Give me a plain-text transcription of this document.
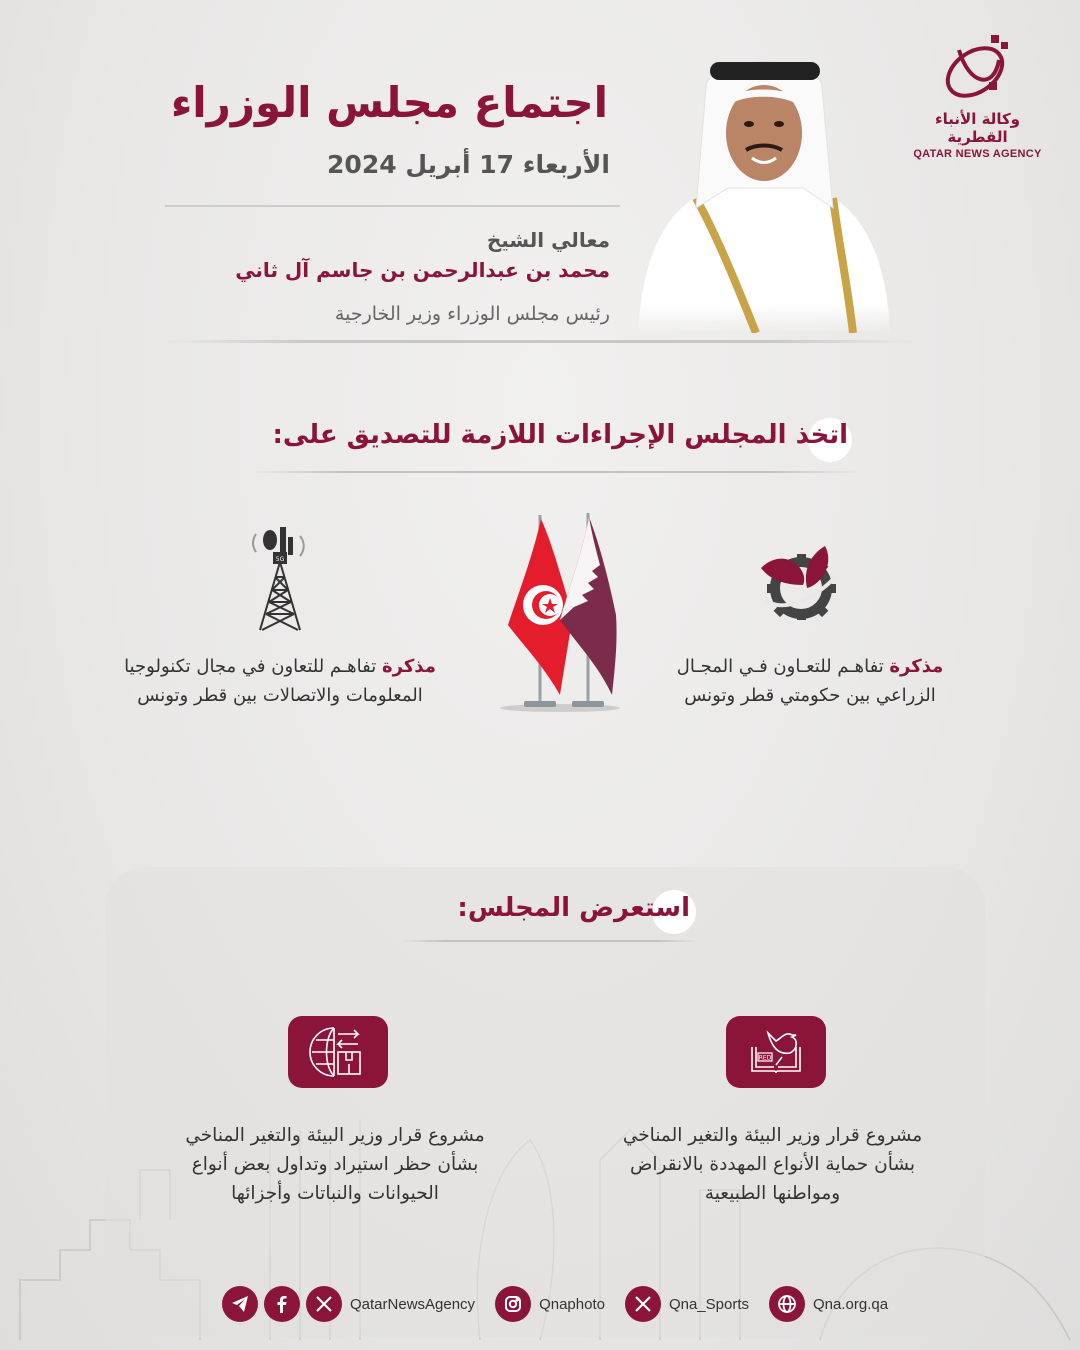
وكالة الأنباء القطرية
QATAR NEWS AGENCY
اجتماع مجلس الوزراء
الأربعاء 17 أبريل 2024
معالي الشيخ
محمد بن عبدالرحمن بن جاسم آل ثاني
رئيس مجلس الوزراء وزير الخارجية
اتخذ المجلس الإجراءات اللازمة للتصديق على:
مذكرة تفاهـم للتعـاون فـي المجـال
الزراعي بين حكومتي قطر وتونس
5G
مذكرة تفاهـم للتعاون في مجال تكنولوجيا
المعلومات والاتصالات بين قطر وتونس
استعرض المجلس:
RED
مشروع قرار وزير البيئة والتغير المناخي
بشأن حماية الأنواع المهددة بالانقراض
ومواطنها الطبيعية
مشروع قرار وزير البيئة والتغير المناخي
بشأن حظر استيراد وتداول بعض أنواع
الحيوانات والنباتات وأجزائها
QatarNewsAgency	Qnaphoto	Qna_Sports	Qna.org.qa
